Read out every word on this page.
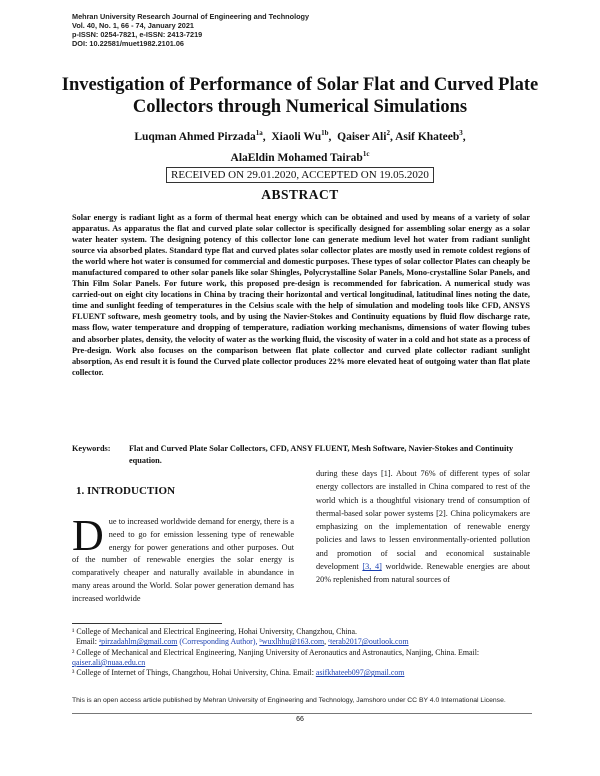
Mehran University Research Journal of Engineering and Technology
Vol. 40, No. 1, 66 - 74, January 2021
p-ISSN: 0254-7821, e-ISSN: 2413-7219
DOI: 10.22581/muet1982.2101.06
Investigation of Performance of Solar Flat and Curved Plate Collectors through Numerical Simulations
Luqman Ahmed Pirzada$^{1a}$,  Xiaoli $Wu^{1b}$,  Qaiser Ali$^2$, Asif Khateeb$^3$,
AlaEldin Mohamed Tairab$^{1c}$
RECEIVED ON 29.01.2020, ACCEPTED ON 19.05.2020
ABSTRACT
Solar energy is radiant light as a form of thermal heat energy which can be obtained and used by means of a variety of solar apparatus. As apparatus the flat and curved plate solar collector is specifically designed for assembling solar energy as a solar water heater system. The designing potency of this collector lone can generate medium level hot water from radiant sunlight source via absorbed plates. Standard type flat and curved plates solar collector plates are mostly used in remote coldest regions of the world where hot water is consumed for commercial and domestic purposes. These types of solar collector Plates can cheaply be manufactured compared to other solar panels like solar Shingles, Polycrystalline Solar Panels, Mono-crystalline Solar Panels, and Thin Film Solar Panels. For future work, this proposed pre-design is recommended for fabrication. A numerical study was carried-out on eight city locations in China by tracing their horizontal and vertical longitudinal, latitudinal lines noting the date, time and sunlight feeding of temperatures in the Celsius scale with the help of simulation and modeling tools like CFD, ANSYS FLUENT software, mesh geometry tools, and by using the Navier-Stokes and Continuity equations by fluid flow discharge rate, mass flow, water temperature and dropping of temperature, radiation working mechanisms, dimensions of water flowing tubes and absorber plates, density, the velocity of water as the working fluid, the viscosity of water in a cold and hot state as a process of Pre-design. Work also focuses on the comparison between flat plate collector and curved plate collector radiant sunlight absorption, As end result it is found the Curved plate collector produces 22% more elevated heat of outgoing water than flat plate collector.
Keywords: Flat and Curved Plate Solar Collectors, CFD, ANSY FLUENT, Mesh Software, Navier-Stokes and Continuity equation.
1. INTRODUCTION
Due to increased worldwide demand for energy, there is a need to go for emission lessening type of renewable energy for power generations and other purposes. Out of the number of renewable energies the solar energy is comparatively cheaper and naturally available in abundance in many areas around the World. Solar power generation demand has increased worldwide
during these days [1]. About 76% of different types of solar energy collectors are installed in China compared to rest of the world which is a thoughtful visionary trend of consumption of thermal-based solar power systems [2]. China policymakers are emphasizing on the implementation of renewable energy policies and laws to lessen environmentally-oriented pollution and promotion of social and economical sustainable development [3, 4] worldwide. Renewable energies are about 20% replenished from natural sources of
¹ College of Mechanical and Electrical Engineering, Hohai University, Changzhou, China.
Email: ᵃpirzadahlm@gmail.com (Corresponding Author), ᵇwuxlhhu@163.com, ᶜterab2017@outlook.com
² College of Mechanical and Electrical Engineering, Nanjing University of Aeronautics and Astronautics, Nanjing, China. Email: qaiser.ali@nuaa.edu.cn
³ College of Internet of Things, Changzhou, Hohai University, China. Email: asifkhateeb097@gmail.com
This is an open access article published by Mehran University of Engineering and Technology, Jamshoro under CC BY 4.0 International License.
66
